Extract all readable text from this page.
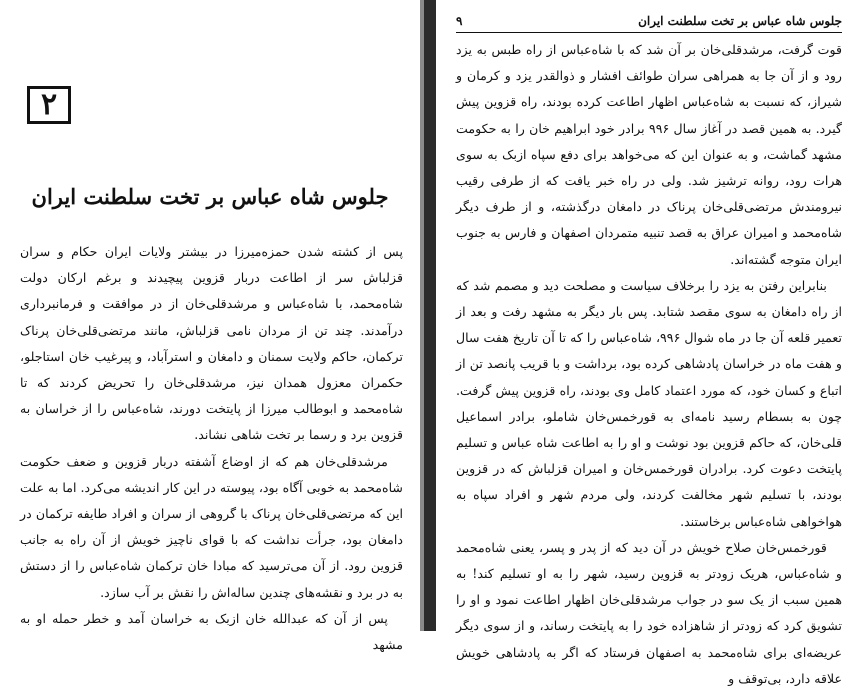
۲
جلوس شاه عباس بر تخت سلطنت ایران

پس از کشته شدن حمزه‌میرزا در بیشتر ولایات ایران حکام و سران قزلباش سر از اطاعت دربار قزوین پیچیدند و برغم ارکان دولت شاه‌محمد، با شاه‌عباس و مرشدقلی‌خان از در موافقت و فرمانبرداری درآمدند. چند تن از مردان نامی قزلباش، مانند مرتضی‌قلی‌خان پرناک ترکمان، حاکم ولایت سمنان و دامغان و استرآباد، و پیرغیب خان استاجلو، حکمران معزول همدان نیز، مرشدقلی‌خان را تحریض کردند که تا شاه‌محمد و ابوطالب میرزا از پایتخت دورند، شاه‌عباس را از خراسان به قزوین برد و رسما بر تخت شاهی نشاند.

مرشدقلی‌خان هم که از اوضاع آشفته دربار قزوین و ضعف حکومت شاه‌محمد به خوبی آگاه بود، پیوسته در این کار اندیشه می‌کرد. اما به علت این که مرتضی‌قلی‌خان پرناک با گروهی از سران و افراد طایفه ترکمان در دامغان بود، جرأت نداشت که با قوای ناچیز خویش از آن راه به جانب قزوین رود. از آن می‌ترسید که مبادا خان ترکمان شاه‌عباس را از دستش به در برد و نقشه‌های چندین ساله‌اش را نقش بر آب سازد.

پس از آن که عبدالله خان ازبک به خراسان آمد و خطر حمله او به مشهد

جلوس شاه عباس بر تخت سلطنت ایران
۹

قوت گرفت، مرشدقلی‌خان بر آن شد که با شاه‌عباس از راه طبس به یزد رود و از آن جا به همراهی سران طوائف افشار و ذوالقدر یزد و کرمان و شیراز، که نسبت به شاه‌عباس اظهار اطاعت کرده بودند، راه قزوین پیش گیرد. به همین قصد در آغاز سال ۹۹۶ برادر خود ابراهیم خان را به حکومت مشهد گماشت، و به عنوان این که می‌خواهد برای دفع سپاه ازبک به سوی هرات رود، روانه ترشیز شد. ولی در راه خبر یافت که از طرفی رقیب نیرومندش مرتضی‌قلی‌خان پرناک در دامغان درگذشته، و از طرف دیگر شاه‌محمد و امیران عراق به قصد تنبیه متمردان اصفهان و فارس به جنوب ایران متوجه گشته‌اند.

بنابراین رفتن به یزد را برخلاف سیاست و مصلحت دید و مصمم شد که از راه دامغان به سوی مقصد شتابد. پس بار دیگر به مشهد رفت و بعد از تعمیر قلعه آن جا در ماه شوال ۹۹۶، شاه‌عباس را که تا آن تاریخ هفت سال و هفت ماه در خراسان پادشاهی کرده بود، برداشت و با قریب پانصد تن از اتباع و کسان خود، که مورد اعتماد کامل وی بودند، راه قزوین پیش گرفت. چون به بسطام رسید نامه‌ای به قورخمس‌خان شاملو، برادر اسماعیل قلی‌خان، که حاکم قزوین بود نوشت و او را به اطاعت شاه عباس و تسلیم پایتخت دعوت کرد. برادران قورخمس‌خان و امیران قزلباش که در قزوین بودند، با تسلیم شهر مخالفت کردند، ولی مردم شهر و افراد سپاه به هواخواهی شاه‌عباس برخاستند.

قورخمس‌خان صلاح خویش در آن دید که از پدر و پسر، یعنی شاه‌محمد و شاه‌عباس، هریک زودتر به قزوین رسید، شهر را به او تسلیم کند! به همین سبب از یک سو در جواب مرشدقلی‌خان اظهار اطاعت نمود و او را تشویق کرد که زودتر از شاهزاده خود را به پایتخت رساند، و از سوی دیگر عریضه‌ای برای شاه‌محمد به اصفهان فرستاد که اگر به پادشاهی خویش علاقه دارد، بی‌توقف و
